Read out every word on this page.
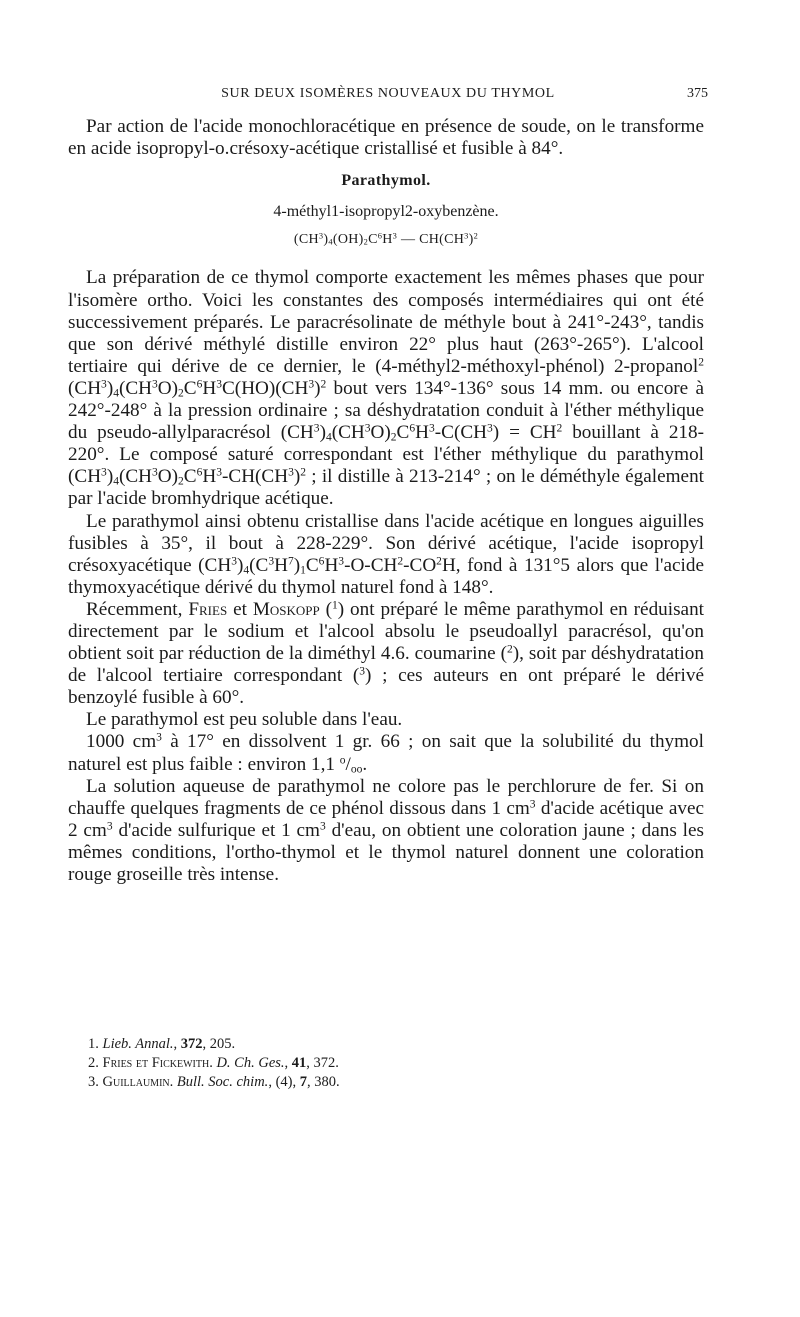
SUR DEUX ISOMÈRES NOUVEAUX DU THYMOL	375

Par action de l'acide monochloracétique en présence de soude, on le transforme en acide isopropyl-o.crésoxy-acétique cristallisé et fusible à 84°.

Parathymol.
4-méthyl1-isopropyl2-oxybenzène.
$(CH^3)_4(OH)_2C^6H^3$ — $CH(CH^3)^2$

La préparation de ce thymol comporte exactement les mêmes phases que pour l'isomère ortho. Voici les constantes des composés intermédiaires qui ont été successivement préparés. Le paracrésolinate de méthyle bout à 241°-243°, tandis que son dérivé méthylé distille environ 22° plus haut (263°-265°). L'alcool tertiaire qui dérive de ce dernier, le (4-méthyl2-méthoxyl-phénol) 2-propanol$^2$ $(CH^3)_4(CH^3O)_2C^6H^3C(HO)(CH^3)^2$ bout vers 134°-136° sous 14 mm. ou encore à 242°-248° à la pression ordinaire ; sa déshydratation conduit à l'éther méthylique du pseudo-allylparacrésol $(CH^3)_4(CH^3O)_2C^6H^3-C(CH^3) = CH^2$ bouillant à 218-220°. Le composé saturé correspondant est l'éther méthylique du parathymol $(CH^3)_4(CH^3O)_2C^6H^3-CH(CH^3)^2$ ; il distille à 213-214° ; on le déméthyle également par l'acide bromhydrique acétique.

Le parathymol ainsi obtenu cristallise dans l'acide acétique en longues aiguilles fusibles à 35°, il bout à 228-229°. Son dérivé acétique, l'acide isopropyl crésoxyacétique $(CH^3)_4(C^3H^7)_1C^6H^3-O-CH^2-CO^2H$, fond à 131°5 alors que l'acide thymoxyacétique dérivé du thymol naturel fond à 148°.

Récemment, Fries et Moskopp ($^1$) ont préparé le même parathymol en réduisant directement par le sodium et l'alcool absolu le pseudoallyl paracrésol, qu'on obtient soit par réduction de la diméthyl 4.6. coumarine ($^2$), soit par déshydratation de l'alcool tertiaire correspondant ($^3$) ; ces auteurs en ont préparé le dérivé benzoylé fusible à 60°.

Le parathymol est peu soluble dans l'eau.

1000 $cm^3$ à 17° en dissolvent 1 gr. 66 ; on sait que la solubilité du thymol naturel est plus faible : environ 1,1 $^o/_{oo}$.

La solution aqueuse de parathymol ne colore pas le perchlorure de fer. Si on chauffe quelques fragments de ce phénol dissous dans 1 $cm^3$ d'acide acétique avec 2 $cm^3$ d'acide sulfurique et 1 $cm^3$ d'eau, on obtient une coloration jaune ; dans les mêmes conditions, l'ortho-thymol et le thymol naturel donnent une coloration rouge groseille très intense.

1. Lieb. Annal., 372, 205.
2. Fries et Fickewith. D. Ch. Ges., 41, 372.
3. Guillaumin. Bull. Soc. chim., (4), 7, 380.
